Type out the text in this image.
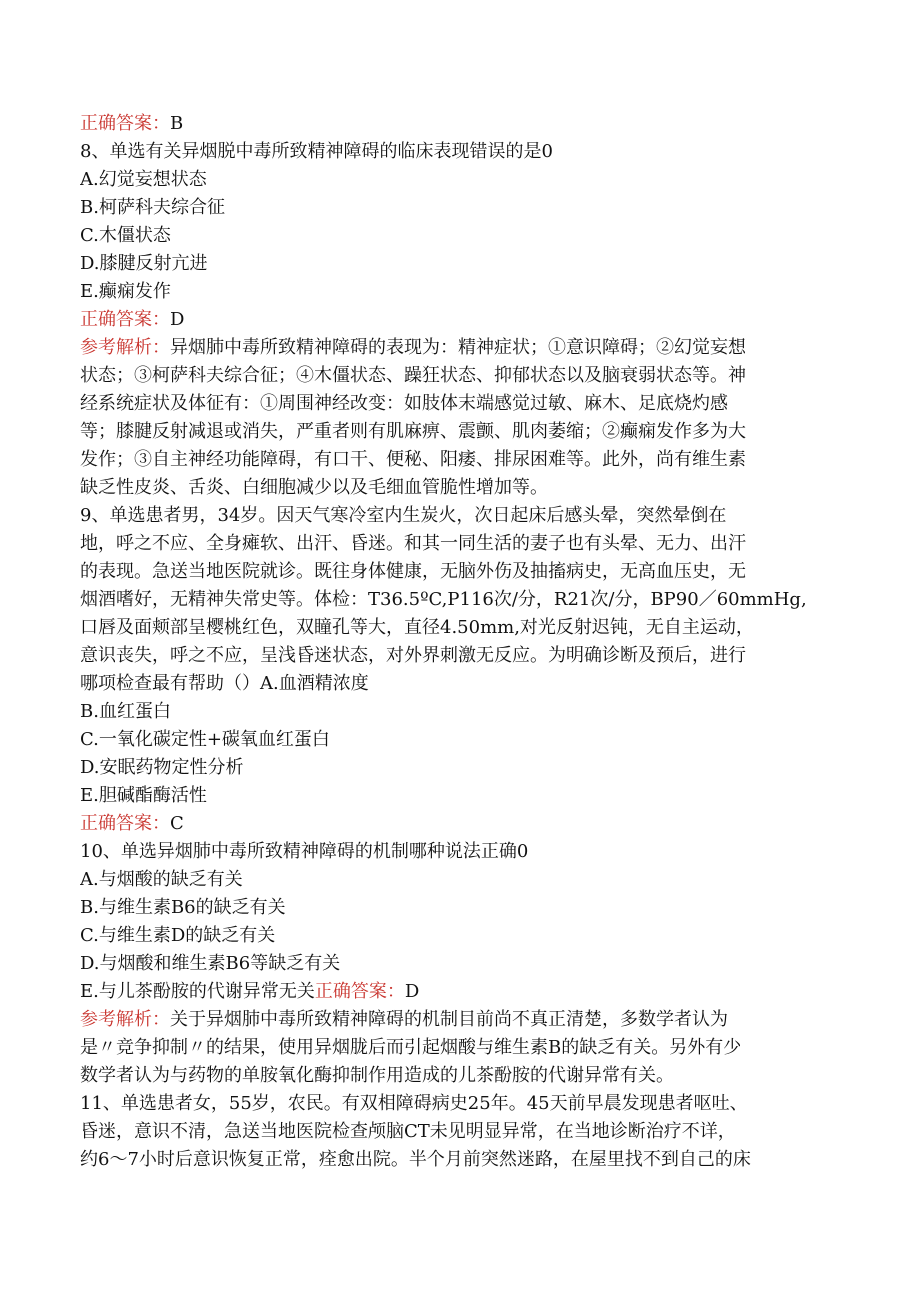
正确答案：B
8、单选有关异烟脱中毒所致精神障碍的临床表现错误的是0
A.幻觉妄想状态
B.柯萨科夫综合征
C.木僵状态
D.膝腱反射亢进
E.癫痫发作
正确答案：D
参考解析：异烟肺中毒所致精神障碍的表现为：精神症状；①意识障碍；②幻觉妄想
状态；③柯萨科夫综合征；④木僵状态、躁狂状态、抑郁状态以及脑衰弱状态等。神
经系统症状及体征有：①周围神经改变：如肢体末端感觉过敏、麻木、足底烧灼感
等；膝腱反射减退或消失，严重者则有肌麻痹、震颤、肌肉萎缩；②癫痫发作多为大
发作；③自主神经功能障碍，有口干、便秘、阳痿、排尿困难等。此外，尚有维生素
缺乏性皮炎、舌炎、白细胞减少以及毛细血管脆性增加等。
9、单选患者男，34岁。因天气寒冷室内生炭火，次日起床后感头晕，突然晕倒在
地，呼之不应、全身瘫软、出汗、昏迷。和其一同生活的妻子也有头晕、无力、出汗
的表现。急送当地医院就诊。既往身体健康，无脑外伤及抽搐病史，无高血压史，无
烟酒嗜好，无精神失常史等。体检：T36.5ºC,P116次/分，R21次/分，BP90／60mmHg,
口唇及面颊部呈樱桃红色，双瞳孔等大，直径4.50mm,对光反射迟钝，无自主运动，
意识丧失，呼之不应，呈浅昏迷状态，对外界刺激无反应。为明确诊断及预后，进行
哪项检查最有帮助（）A.血酒精浓度
B.血红蛋白
C.一氧化碳定性+碳氧血红蛋白
D.安眠药物定性分析
E.胆碱酯酶活性
正确答案：C
10、单选异烟肺中毒所致精神障碍的机制哪种说法正确0
A.与烟酸的缺乏有关
B.与维生素B6的缺乏有关
C.与维生素D的缺乏有关
D.与烟酸和维生素B6等缺乏有关
E.与儿茶酚胺的代谢异常无关正确答案：D
参考解析：关于异烟肺中毒所致精神障碍的机制目前尚不真正清楚，多数学者认为
是〃竞争抑制〃的结果，使用异烟胧后而引起烟酸与维生素B的缺乏有关。另外有少
数学者认为与药物的单胺氧化酶抑制作用造成的儿茶酚胺的代谢异常有关。
11、单选患者女，55岁，农民。有双相障碍病史25年。45天前早晨发现患者呕吐、
昏迷，意识不清，急送当地医院检查颅脑CT未见明显异常，在当地诊断治疗不详，
约6～7小时后意识恢复正常，痊愈出院。半个月前突然迷路，在屋里找不到自己的床
